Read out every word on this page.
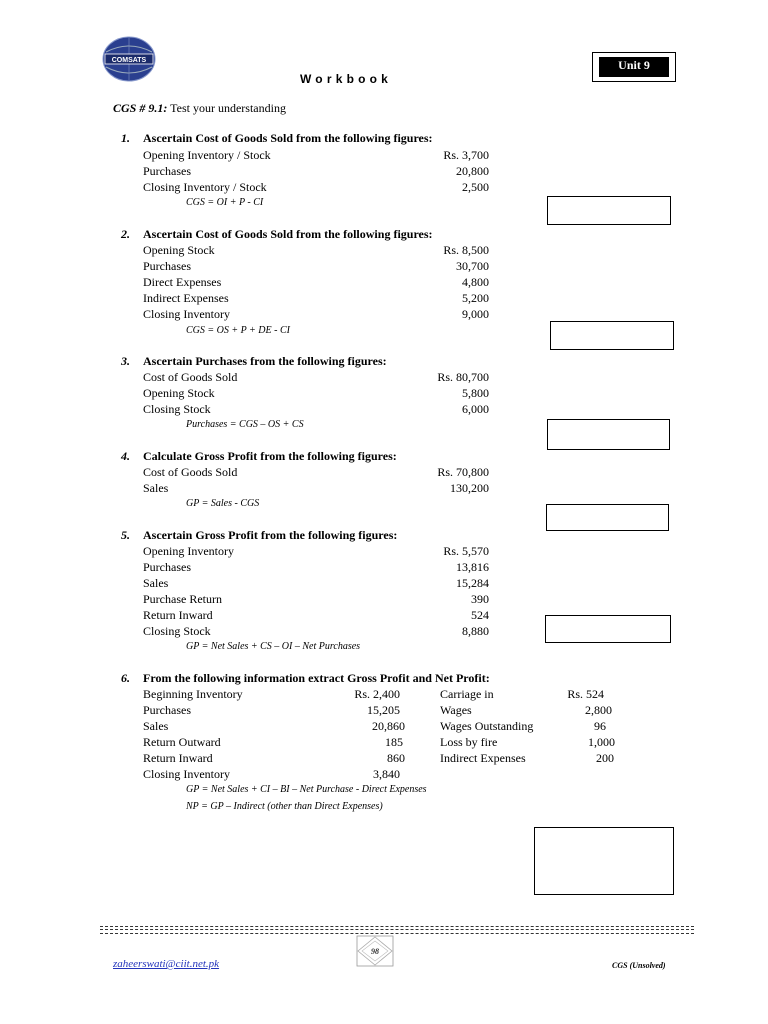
COMSATS
Workbook
Unit 9
CGS # 9.1: Test your understanding
1. Ascertain Cost of Goods Sold from the following figures:
Opening Inventory / Stock	Rs. 3,700
Purchases	20,800
Closing Inventory / Stock	2,500
CGS = OI + P - CI
2. Ascertain Cost of Goods Sold from the following figures:
Opening Stock	Rs. 8,500
Purchases	30,700
Direct Expenses	4,800
Indirect Expenses	5,200
Closing Inventory	9,000
CGS = OS + P + DE - CI
3. Ascertain Purchases from the following figures:
Cost of Goods Sold	Rs. 80,700
Opening Stock	5,800
Closing Stock	6,000
Purchases = CGS – OS + CS
4. Calculate Gross Profit from the following figures:
Cost of Goods Sold	Rs. 70,800
Sales	130,200
GP = Sales - CGS
5. Ascertain Gross Profit from the following figures:
Opening Inventory	Rs. 5,570
Purchases	13,816
Sales	15,284
Purchase Return	390
Return Inward	524
Closing Stock	8,880
GP = Net Sales + CS – OI – Net Purchases
6. From the following information extract Gross Profit and Net Profit:
Beginning Inventory	Rs. 2,400
Purchases	15,205
Sales	20,860
Return Outward	185
Return Inward	860
Closing Inventory	3,840
Carriage in	Rs. 524
Wages	2,800
Wages Outstanding	96
Loss by fire	1,000
Indirect Expenses	200
GP = Net Sales + CI – BI – Net Purchase - Direct Expenses
NP = GP – Indirect (other than Direct Expenses)
98
zaheerswati@ciit.net.pk	CGS (Unsolved)
